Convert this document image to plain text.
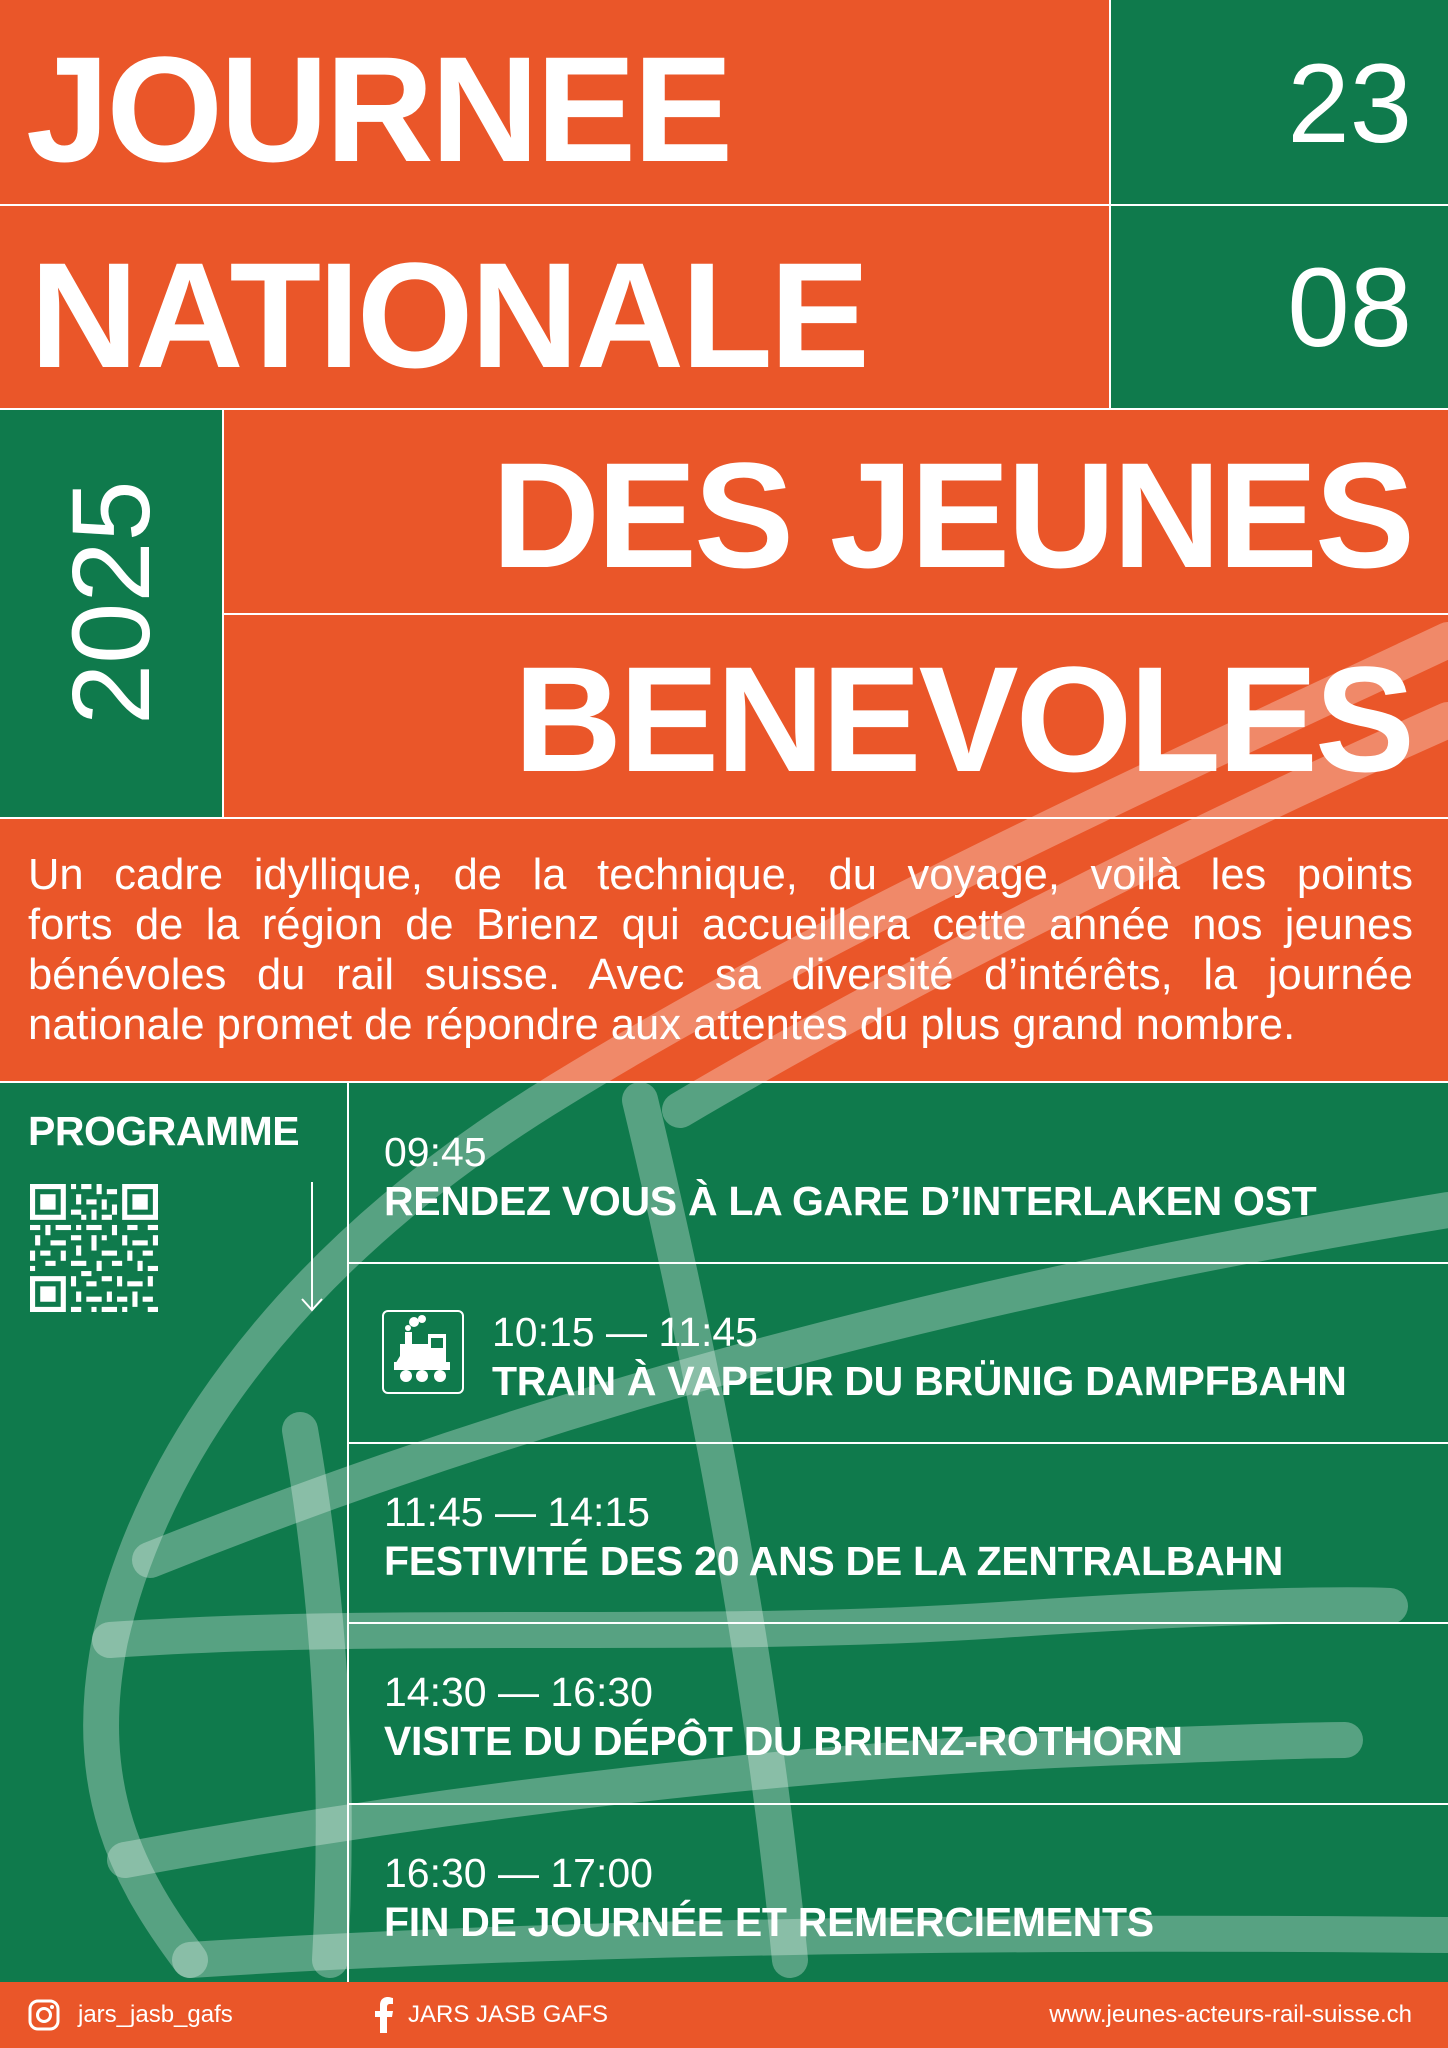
JOURNEE
NATIONALE
DES JEUNES
BENEVOLES
23
08
2025
Un cadre idyllique, de la technique, du voyage, voilà les points
forts de la région de Brienz qui accueillera cette année nos jeunes
bénévoles du rail suisse. Avec sa diversité d’intérêts, la journée
nationale promet de répondre aux attentes du plus grand nombre.
PROGRAMME 09:45
RENDEZ VOUS À LA GARE D’INTERLAKEN OST
10:15 — 11:45
TRAIN À VAPEUR DU BRÜNIG DAMPFBAHN
11:45 — 14:15
FESTIVITÉ DES 20 ANS DE LA ZENTRALBAHN
14:30 — 16:30
VISITE DU DÉPÔT DU BRIENZ-ROTHORN
16:30 — 17:00
FIN DE JOURNÉE ET REMERCIEMENTS
jars_jasb_gafs	JARS JASB GAFS	www.jeunes-acteurs-rail-suisse.ch
